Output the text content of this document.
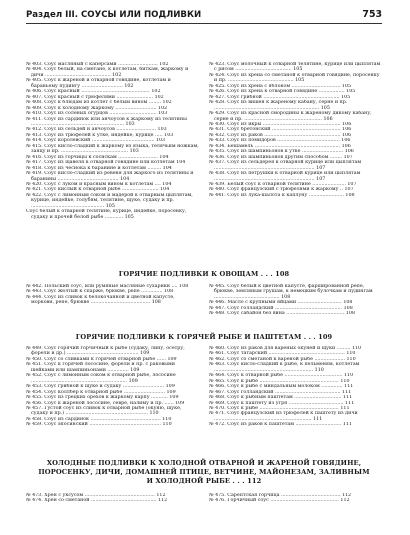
Раздел III. СОУСЫ ИЛИ ПОДЛИВКИ	753
№ 403. Соус масляный с каперсами .......................... 102
№ 404. Соус белый, на сметане, к котлетам, биткам, жаркому и дичи ........................................... 102
№ 405. Соус к жареной и отварной говядине, котлетам и бараньему пудингу ........................... 102
№ 406. Соус красный ............................................. 102
№ 407. Соус красный с трюфелями ........................ 102
№ 408. Соус к блюдам из котлет с белым вином ........ 102
№ 409. Соус к холодному жаркому ........................... 102
№ 410. Соус из соленых огурцов ............................... 103
№ 411. Соус из сардинок или анчоусов к жаркому из телятины ............................................................. 103
№ 412. Соус из сельдей и анчоусов .......................... 103
№ 413. Соус из трюфелей к утке, индейке, курице ..... 103
№ 414. Соус королевский ......................................... 103
№ 415. Соус кисло-сладкий к жаркому из языка, телячьим ножкам, заяцу и пр. ............................................ 103
№ 416. Соус из горчицы к сосискам .......................... 104
№ 417. Соус из щавеля к отварной говядине или котлетам 104
№ 418. Соус из чеснока к баранине и котлетам ......... 104
№ 419. Соус кисло-сладкий из ревеня для жаркого из телятины и баранины ........................................ 104
№ 420. Соус с луком и красным вином к котлетам .... 104
№ 421. Соус кислый к отварной рыбе ........................ 104
№ 422. Соус с лимонным соком и мадерой к отварным цыплятам, курице, индейке, голубям, телятине, щуке, судаку и пр. ................................................ 105
Соус белый к отварной телятине, курице, индейке, поросенку, судаку и прочей белой рыбе ............ 105
№ 423. Соус молочный к отварной телятине, курице или цыплятам с рисом ..................................... 105
№ 424. Соус из хрена со сметаной к отварной говядине, поросенку и пр. ........................................... 105
№ 425. Соус из хрена с яблоком ................................ 105
№ 426. Соус из хрена к отварной говядине ................. 105
№ 427. Соус грибной .................................................. 105
№ 428. Соус из вишен к жареному кабану, серне и пр. ..................................................................... 105
№ 429. Соус из красной смородины к жареному дикому кабану, серне и пр. ................................................... 106
№ 430. Соус из икры ................................................... 106
№ 431. Соус бретонский ............................................. 106
№ 432. Соус из раков .................................................. 106
№ 433. Соус из помидоров ......................................... 106
№ 434. Бешамель ........................................................ 106
№ 435. Соус из шампиньонов к утке ........................... 106
№ 436. Соус из шампиньонов другим способом ........ 107
№ 437. Соус из сельдерея к отварной курице или цыплятам .................................................................. 107
№ 438. Соус из петрушки к отварной курице или цыплятам .................................................................. 107
№ 439. Белый соус к отварной телятине ...................... 107
№ 440. Соус французский с трюфелями к жаркому .. 107
№ 441. Соус из лука-шалота к каплуну ....................... 108
ГОРЯЧИЕ ПОДЛИВКИ К ОВОЩАМ . . . 108
№ 442. Польский соус, или румяные масляные сухарики .... 108
№ 443. Соус желтый к спарже, брюкве, репе .............. 108
№ 444. Соус из сливок к белокочанной и цветной капусте, моркови, репе, брюкве ....................................... 108
№ 445. Соус белый к цветной капусте, фаршированной репе, брюкве, земляным грушам, к немецким булочкам и пудингам ........................................... 108
№ 446. Масло с крупными яйцами ............................. 108
№ 447. Соус голландский ............................................ 108
№ 448. Соус сабайон без вина ...................................... 108
ГОРЯЧИЕ ПОДЛИВКИ К ГОРЯЧЕЙ РЫБЕ И ПАШТЕТАМ . . . 109
№ 449. Соус горячий горчичный к рыбе (судаку, лину, осетру, форели и др.) ............................................... 109
№ 450. Соус со сливками к горячей отварной рыбе ...... 109
№ 451. Соус к горячей лососине, форели и пр. с раковыми шейками или шампиньонами .............. 109
№ 452. Соус с лимонным соком к отварной рыбе, лососине ............................................................... 109
№ 453. Соус грибной к щуке и судаку ........................... 109
№ 454. Соус коллбер к отварной рыбе ........................... 109
№ 455. Соус из грецких орехов к жаркому карпу ........... 109
№ 456. Соус к жареной лососине, севре, налиму и пр. ...... 109
№ 457. Густой соус из сливок к отварной рыбе (окуню, щуке, судаку и пр.) ...................................................... 110
№ 458. Соус из сардинок .............................................. 110
№ 459. Соус эпосинский ............................................... 110
№ 460. Соус из раков для вареных окуней и щуки ......... 110
№ 461. Соус татарский .................................................. 110
№ 462. Соус со сметаной к вареной рыбе .................... 110
№ 463. Соус кисло-сладкий к рыбе, к пельменям, котлетам ................................................................. 110
№ 464. Соус к отварной рыбе ...................................... 110
№ 465. Соус к рыбе .................................................... 110
№ 466. Соус к рыбе с миндальным молоком .............. 111
№ 467. Соус голландский ........................................... 111
№ 468. Соус к рыбным паштетам ............................... 111
№ 469. Соус к паштету из угря .................................... 111
№ 470. Соус к рыбе .................................................... 111
№ 471. Соус французский из трюфелей к паштету из дичи ................................................................ 111
№ 472. Соус из раков к паштетам .............................. 111
ХОЛОДНЫЕ ПОДЛИВКИ К ХОЛОДНОЙ ОТВАРНОЙ И ЖАРЕНОЙ ГОВЯДИНЕ,
ПОРОСЕНКУ, ДИЧИ, ДОМАШНЕЙ ПТИЦЕ, ВЕТЧИНЕ, МАЙОНЕЗАМ, ЗАЛИВНЫМ
И ХОЛОДНОЙ РЫБЕ . . . 112
№ 473. Хрен с уксусом .............................................. 112
№ 474. Хрен со сметаной ........................................... 112
№ 475. Сарептская горчица ....................................... 112
№ 476. Горчичный соус ............................................. 112
